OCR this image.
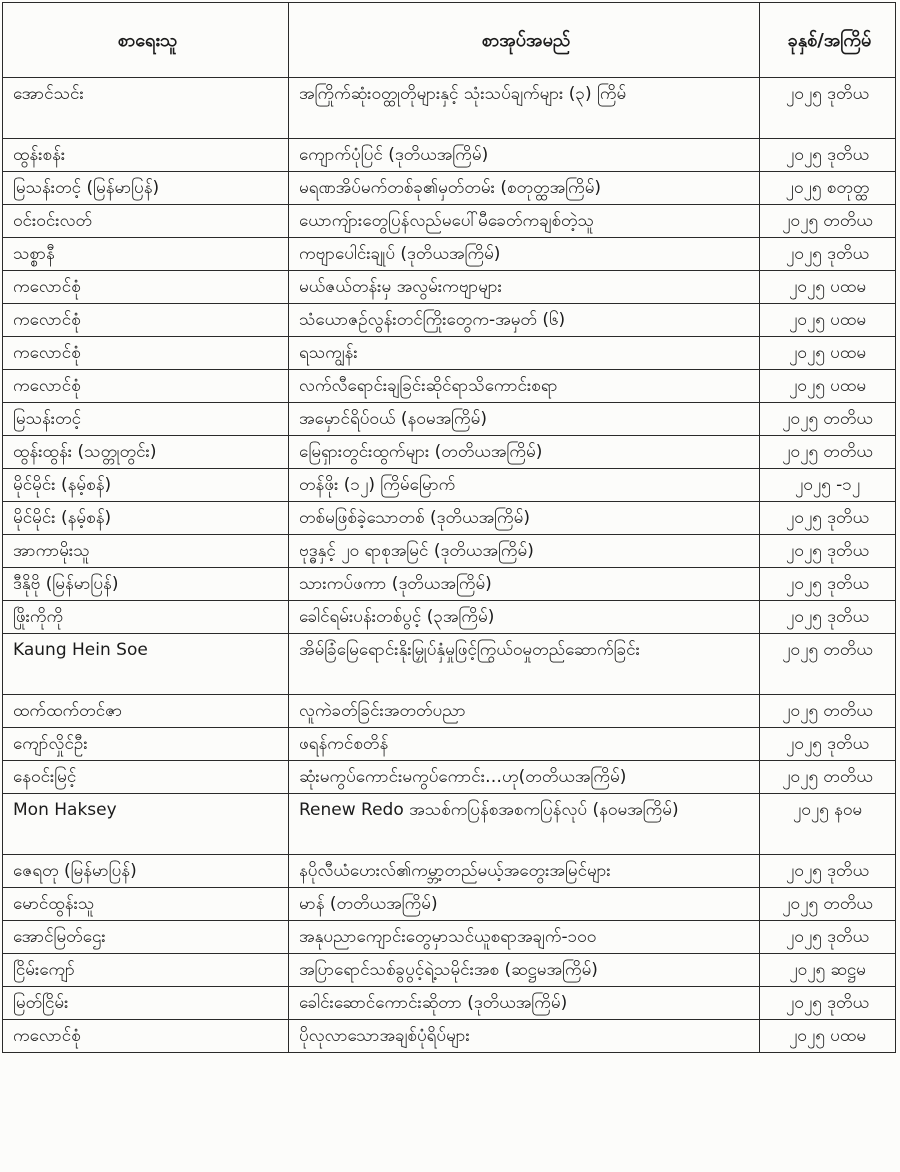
စာရေးသူ	စာအုပ်အမည်	ခုနှစ်/အကြိမ်
အောင်သင်း	အကြိုက်ဆုံးဝတ္ထုတိုများနှင့် သုံးသပ်ချက်များ (၃) ကြိမ်	၂၀၂၅ ဒုတိယ
ထွန်းစန်း	ကျောက်ပုံပြင် (ဒုတိယအကြိမ်)	၂၀၂၅ ဒုတိယ
မြသန်းတင့် (မြန်မာပြန်)	မရဏအိပ်မက်တစ်ခု၏မှတ်တမ်း (စတုတ္ထအကြိမ်)	၂၀၂၅ စတုတ္ထ
ဝင်းဝင်းလတ်	ယောကျ်ားတွေပြန်လည်မပေါ်မီခေတ်ကချစ်တဲ့သူ	၂၀၂၅ တတိယ
သစ္စာနီ	ကဗျာပေါင်းချုပ် (ဒုတိယအကြိမ်)	၂၀၂၅ ဒုတိယ
ကလောင်စုံ	မယ်ဇယ်တန်းမှ အလွမ်းကဗျာများ	၂၀၂၅ ပထမ
ကလောင်စုံ	သံယောဇဉ်လွန်းတင်ကြိုးတွေက-အမှတ် (၆)	၂၀၂၅ ပထမ
ကလောင်စုံ	ရသကျွန်း	၂၀၂၅ ပထမ
ကလောင်စုံ	လက်လီရောင်းချခြင်းဆိုင်ရာသိကောင်းစရာ	၂၀၂၅ ပထမ
မြသန်းတင့်	အမှောင်ရိပ်ဝယ် (နဝမအကြိမ်)	၂၀၂၅ တတိယ
ထွန်းထွန်း (သတ္တုတွင်း)	မြေရှားတွင်းထွက်များ (တတိယအကြိမ်)	၂၀၂၅ တတိယ
မိုင်မိုင်း (နမ့်စန်)	တန်ဖိုး (၁၂) ကြိမ်မြောက်	၂၀၂၅ -၁၂
မိုင်မိုင်း (နမ့်စန်)	တစ်မဖြစ်ခဲ့သောတစ် (ဒုတိယအကြိမ်)	၂၀၂၅ ဒုတိယ
အာကာမိုးသူ	ဗုဒ္ဓနှင့် ၂၀ ရာစုအမြင် (ဒုတိယအကြိမ်)	၂၀၂၅ ဒုတိယ
ဒီနိုဗို (မြန်မာပြန်)	သားကပ်ဖကာ (ဒုတိယအကြိမ်)	၂၀၂၅ ဒုတိယ
ဖြိုးကိုကို	ခေါင်ရမ်းပန်းတစ်ပွင့် (၃အကြိမ်)	၂၀၂၅ ဒုတိယ
Kaung Hein Soe	အိမ်ခြံမြေရောင်းနိုးမြှုပ်နှံမှုဖြင့်ကြွယ်ဝမှုတည်ဆောက်ခြင်း	၂၀၂၅ တတိယ
ထက်ထက်တင်ဇာ	လူကဲခတ်ခြင်းအတတ်ပညာ	၂၀၂၅ တတိယ
ကျော်လှိုင်ဦး	ဖရန်ကင်စတိန်	၂၀၂၅ ဒုတိယ
နေဝင်းမြင့်	ဆုံးမကွပ်ကောင်းမကွပ်ကောင်း…ဟု(တတိယအကြိမ်)	၂၀၂၅ တတိယ
Mon Haksey	Renew Redo အသစ်ကပြန်စအစကပြန်လုပ် (နဝမအကြိမ်)	၂၀၂၅ နဝမ
ဇေရတု (မြန်မာပြန်)	နပိုလီယံဟေးလ်၏ကမ္ဘာ့တည်မယ့်အတွေးအမြင်များ	၂၀၂၅ ဒုတိယ
မောင်ထွန်းသူ	မာန် (တတိယအကြိမ်)	၂၀၂၅ တတိယ
အောင်မြတ်ဌေး	အနုပညာကျောင်းတွေမှာသင်ယူစရာအချက်-၁၀၀	၂၀၂၅ ဒုတိယ
ငြိမ်းကျော်	အပြာရောင်သစ်ခွပွင့်ရဲ့သမိုင်းအစ (ဆဋ္ဌမအကြိမ်)	၂၀၂၅ ဆဋ္ဌမ
မြတ်ငြိမ်း	ခေါင်းဆောင်ကောင်းဆိုတာ (ဒုတိယအကြိမ်)	၂၀၂၅ ဒုတိယ
ကလောင်စုံ	ပိုလုလာသောအချစ်ပုံရိပ်များ	၂၀၂၅ ပထမ
